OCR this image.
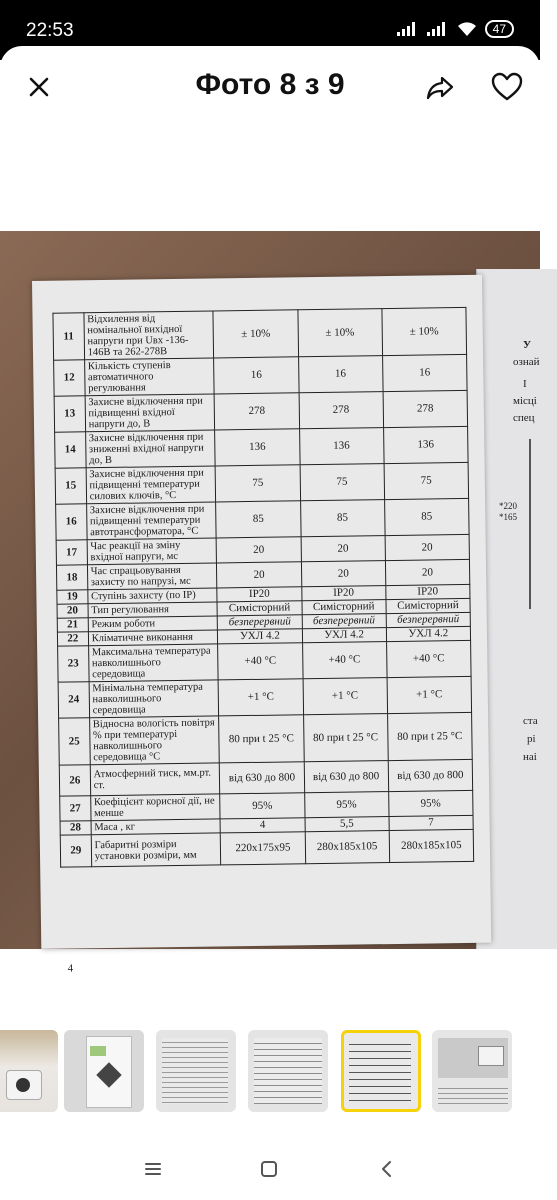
22:53	47
Фото 8 з 9
У
ознай
І
місці
спец
*220
*165
ста
рі
наі
11	Відхилення від номінальної вихідної напруги при Uвх -136-146В та 262-278В	± 10%	± 10%	± 10%
12	Кількість ступенів автоматичного регулювання	16	16	16
13	Захисне відключення при підвищенні вхідної напруги до, В	278	278	278
14	Захисне відключення при зниженні вхідної напруги до, В	136	136	136
15	Захисне відключення при підвищенні температури силових ключів, °С	75	75	75
16	Захисне відключення при підвищенні температури автотрансформатора, °С	85	85	85
17	Час реакції на зміну вхідної напруги, мс	20	20	20
18	Час спрацьовування захисту по напрузі, мс	20	20	20
19	Ступінь захисту (по IP)	IP20	IP20	IP20
20	Тип регулювання	Симісторний	Симісторний	Симісторний
21	Режим роботи	безперервний	безперервний	безперервний
22	Кліматичне виконання	УХЛ 4.2	УХЛ 4.2	УХЛ 4.2
23	Максимальна температура навколишнього середовища	+40 °С	+40 °С	+40 °С
24	Мінімальна температура навколишнього середовища	+1 °С	+1 °С	+1 °С
25	Відносна вологість повітря % при температурі навколишнього середовища °С	80 при t 25 °С	80 при t 25 °С	80 при t 25 °С
26	Атмосферний тиск, мм.рт. ст.	від 630 до 800	від 630 до 800	від 630 до 800
27	Коефіцієнт корисної дії, не менше	95%	95%	95%
28	Маса , кг	4	5,5	7
29	Габаритні розміри установки розміри, мм	220x175x95	280x185x105	280x185x105
4
